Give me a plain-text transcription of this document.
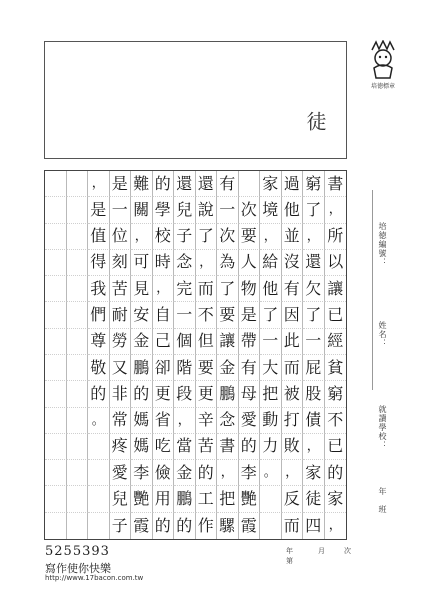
徒
培徳標章
， 是 難 的 還 還 有 家 過 窮 書
是 一 關 學 兒 說 一 次 境 他 了 ，
值 位 ， 校 子 了 次 要 ， 並 ， 所
得 刻 可 時 念 ， 為 人 給 沒 還 以
我 苦 見 ， 完 而 了 物 他 有 欠 讓
們 耐 安 自 一 不 要 是 了 因 了 已
尊 勞 金 己 個 但 讓 帶 一 此 一 經
敬 又 鵬 卻 階 要 金 有 大 而 屁 貧
的 非 的 更 段 更 鵬 母 把 被 股 窮
。 常 媽 省 ， 辛 念 愛 動 打 債 不
疼 媽 吃 當 苦 書 的 力 敗 ， 已
愛 李 儉 金 的 ， 李 。 ， 家 的
兒 艷 用 鵬 工 把 艷 反 徒 家
子 霞 的 的 作 騾 霞 而 四 ，
培徳編號：
姓名：
就讀學校：
年　班
5255393
寫作使你快樂
http://www.17bacon.com.tw
年	月	次
第
